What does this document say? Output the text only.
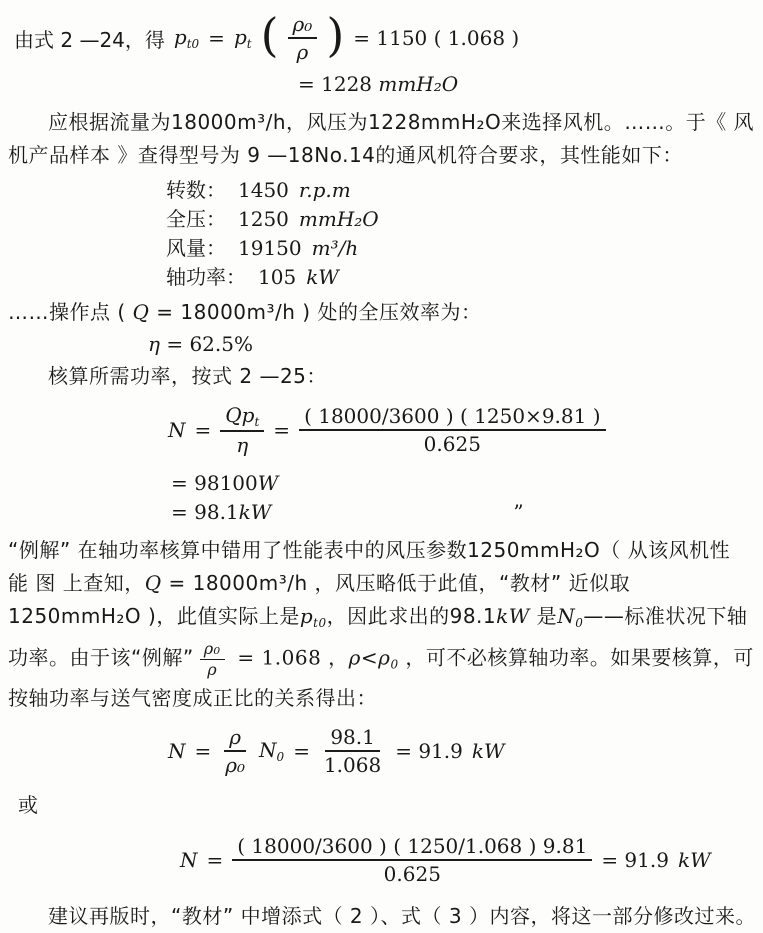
由式 2 —24，得 $p_{t0} = p_t$ ( $\frac{\text{ρ₀}}{\rho}$ ) = 1150 ( 1.068 )
= 1228 mmH₂O

应根据流量为18000m³/h，风压为1228mmH₂O来选择风机。……。于《 风机产品样本 》查得型号为 9 —18No.14的通风机符合要求，其性能如下：

转数： 1450 r.p.m
全压： 1250 mmH₂O
风量： 19150 m³/h
轴功率： 105 kW
……操作点 ( Q = 18000m³/h ) 处的全压效率为：
η = 62.5%

核算所需功率，按式 2 —25：

$N = \frac{Qp_t}{\eta} = \frac{( 18000/3600 ) ( 1250\times 9.81 )}{0.625}$
= 98100W
= 98.1kW	”

“例解” 在轴功率核算中错用了性能表中的风压参数1250mmH₂O（ 从该风机性 能 图 上查知，Q = 18000m³/h ，风压略低于此值，“教材” 近似取1250mmH₂O )，此值实际上是$p_{t0}$，因此求出的98.1kW 是$N_0——$标准状况下轴功率。由于该“例解” $\frac{\text{ρ₀}}{\rho} = 1.068$ ，$\rho<\rho_0$ ，可不必核算轴功率。如果要核算，可按轴功率与送气密度成正比的关系得出：

$N = \frac{\rho}{\text{ρ₀}} N_0 = \frac{98.1}{1.068} = 91.9$ kW
或
$N = \frac{( 18000/3600 ) ( 1250/1.068 ) 9.81}{0.625} = 91.9$ kW

建议再版时，“教材” 中增添式（ 2 ）、式（ 3 ）内容，将这一部分修改过来。
